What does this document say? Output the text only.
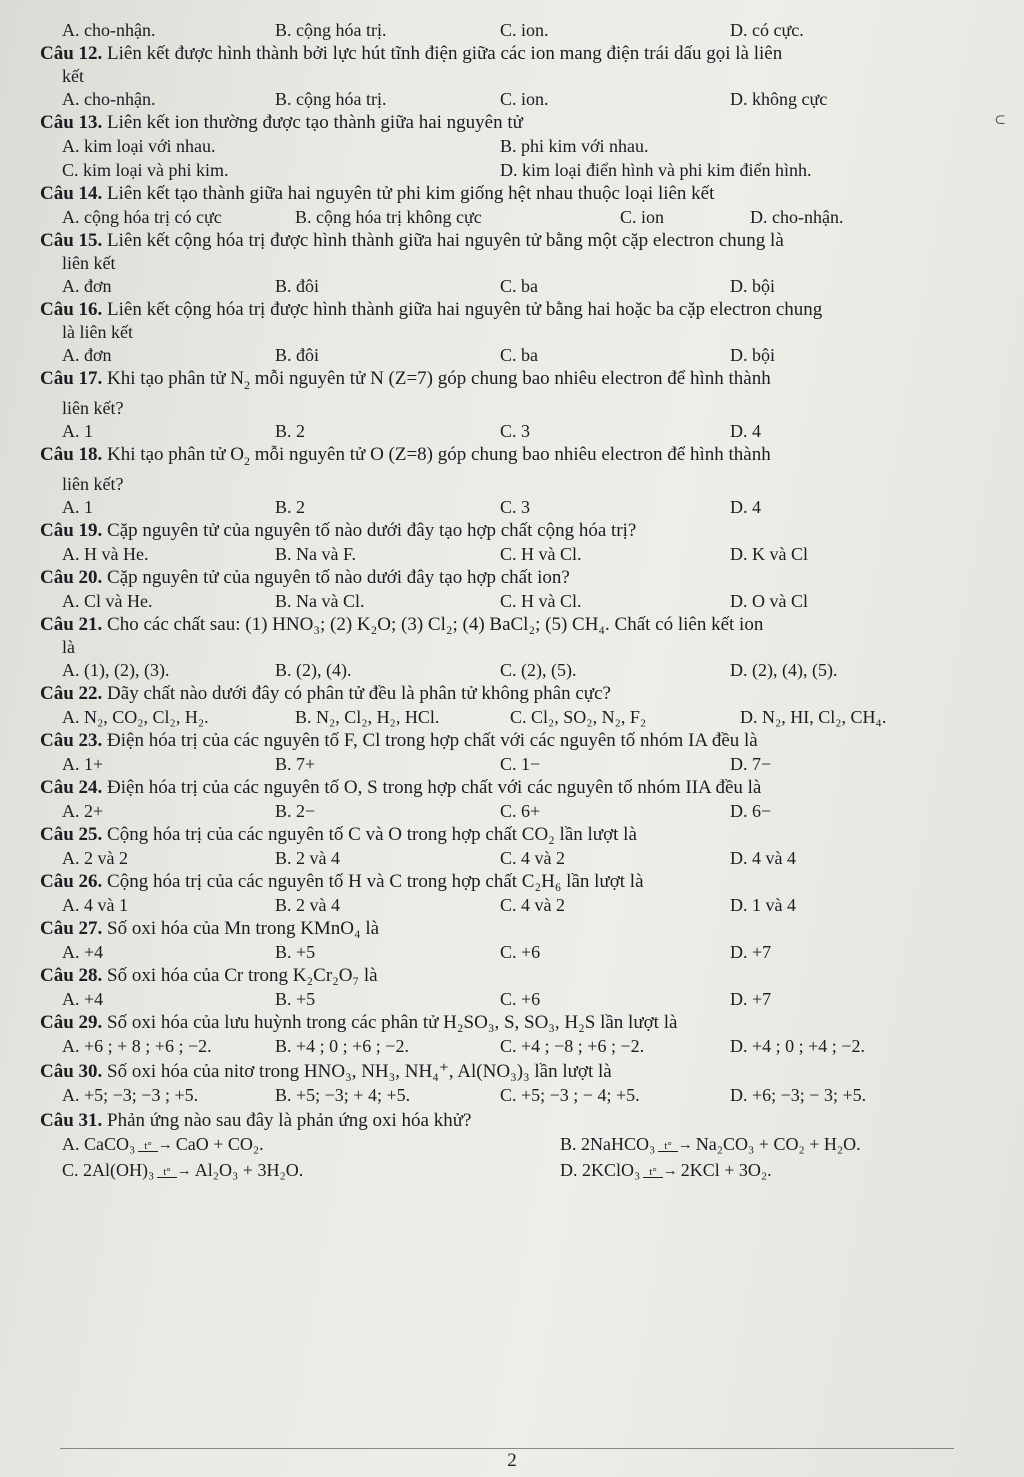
⊂
A. cho-nhận.	B. cộng hóa trị.	C. ion.	D. có cực.
Câu 12. Liên kết được hình thành bởi lực hút tĩnh điện giữa các ion mang điện trái dấu gọi là liên
kết
A. cho-nhận.	B. cộng hóa trị.	C. ion.	D. không cực
Câu 13. Liên kết ion thường được tạo thành giữa hai nguyên tử
A. kim loại với nhau.	B. phi kim với nhau.
C. kim loại và phi kim.	D. kim loại điển hình và phi kim điển hình.
Câu 14. Liên kết tạo thành giữa hai nguyên tử phi kim giống hệt nhau thuộc loại liên kết
A. cộng hóa trị có cực	B. cộng hóa trị không cực	C. ion	D. cho-nhận.
Câu 15. Liên kết cộng hóa trị được hình thành giữa hai nguyên tử bằng một cặp electron chung là
liên kết
A. đơn	B. đôi	C. ba	D. bội
Câu 16. Liên kết cộng hóa trị được hình thành giữa hai nguyên tử bằng hai hoặc ba cặp electron chung
là liên kết
A. đơn	B. đôi	C. ba	D. bội
Câu 17. Khi tạo phân tử $N_2$ mỗi nguyên tử N (Z=7) góp chung bao nhiêu electron để hình thành
liên kết?
A. 1	B. 2	C. 3	D. 4
Câu 18. Khi tạo phân tử $O_2$ mỗi nguyên tử O (Z=8) góp chung bao nhiêu electron để hình thành
liên kết?
A. 1	B. 2	C. 3	D. 4
Câu 19. Cặp nguyên tử của nguyên tố nào dưới đây tạo hợp chất cộng hóa trị?
A. H và He.	B. Na và F.	C. H và Cl.	D. K và Cl
Câu 20. Cặp nguyên tử của nguyên tố nào dưới đây tạo hợp chất ion?
A. Cl và He.	B. Na và Cl.	C. H và Cl.	D. O và Cl
Câu 21. Cho các chất sau: (1) HNO₃; (2) K₂O; (3) Cl₂; (4) BaCl₂; (5) CH₄. Chất có liên kết ion
là
A. (1), (2), (3).	B. (2), (4).	C. (2), (5).	D. (2), (4), (5).
Câu 22. Dãy chất nào dưới đây có phân tử đều là phân tử không phân cực?
A. N₂, CO₂, Cl₂, H₂.	B. N₂, Cl₂, H₂, HCl.	C. Cl₂, SO₂, N₂, F₂	D. N₂, HI, Cl₂, CH₄.
Câu 23. Điện hóa trị của các nguyên tố F, Cl trong hợp chất với các nguyên tố nhóm IA đều là
A. 1+	B. 7+	C. 1−	D. 7−
Câu 24. Điện hóa trị của các nguyên tố O, S trong hợp chất với các nguyên tố nhóm IIA đều là
A. 2+	B. 2−	C. 6+	D. 6−
Câu 25. Cộng hóa trị của các nguyên tố C và O trong hợp chất CO₂ lần lượt là
A. 2 và 2	B. 2 và 4	C. 4 và 2	D. 4 và 4
Câu 26. Cộng hóa trị của các nguyên tố H và C trong hợp chất C₂H₆ lần lượt là
A. 4 và 1	B. 2 và 4	C. 4 và 2	D. 1 và 4
Câu 27. Số oxi hóa của Mn trong KMnO₄ là
A. +4	B. +5	C. +6	D. +7
Câu 28. Số oxi hóa của Cr trong K₂Cr₂O₇ là
A. +4	B. +5	C. +6	D. +7
Câu 29. Số oxi hóa của lưu huỳnh trong các phân tử H₂SO₃, S, SO₃, H₂S lần lượt là
A. +6 ; + 8 ; +6 ; −2.	B. +4 ; 0 ; +6 ; −2.	C. +4 ; −8 ; +6 ; −2.	D. +4 ; 0 ; +4 ; −2.
Câu 30. Số oxi hóa của nitơ trong HNO₃, NH₃, NH₄⁺, Al(NO₃)₃ lần lượt là
A. +5; −3; −3 ; +5.	B. +5; −3; + 4; +5.	C. +5; −3 ; − 4; +5.	D. +6; −3; − 3; +5.
Câu 31. Phản ứng nào sau đây là phản ứng oxi hóa khử?
A. CaCO₃ t° → CaO + CO₂.	B. 2NaHCO₃ t° → Na₂CO₃ + CO₂ + H₂O.
C. 2Al(OH)₃ t° → Al₂O₃ + 3H₂O.	D. 2KClO₃ t° → 2KCl + 3O₂.
2
